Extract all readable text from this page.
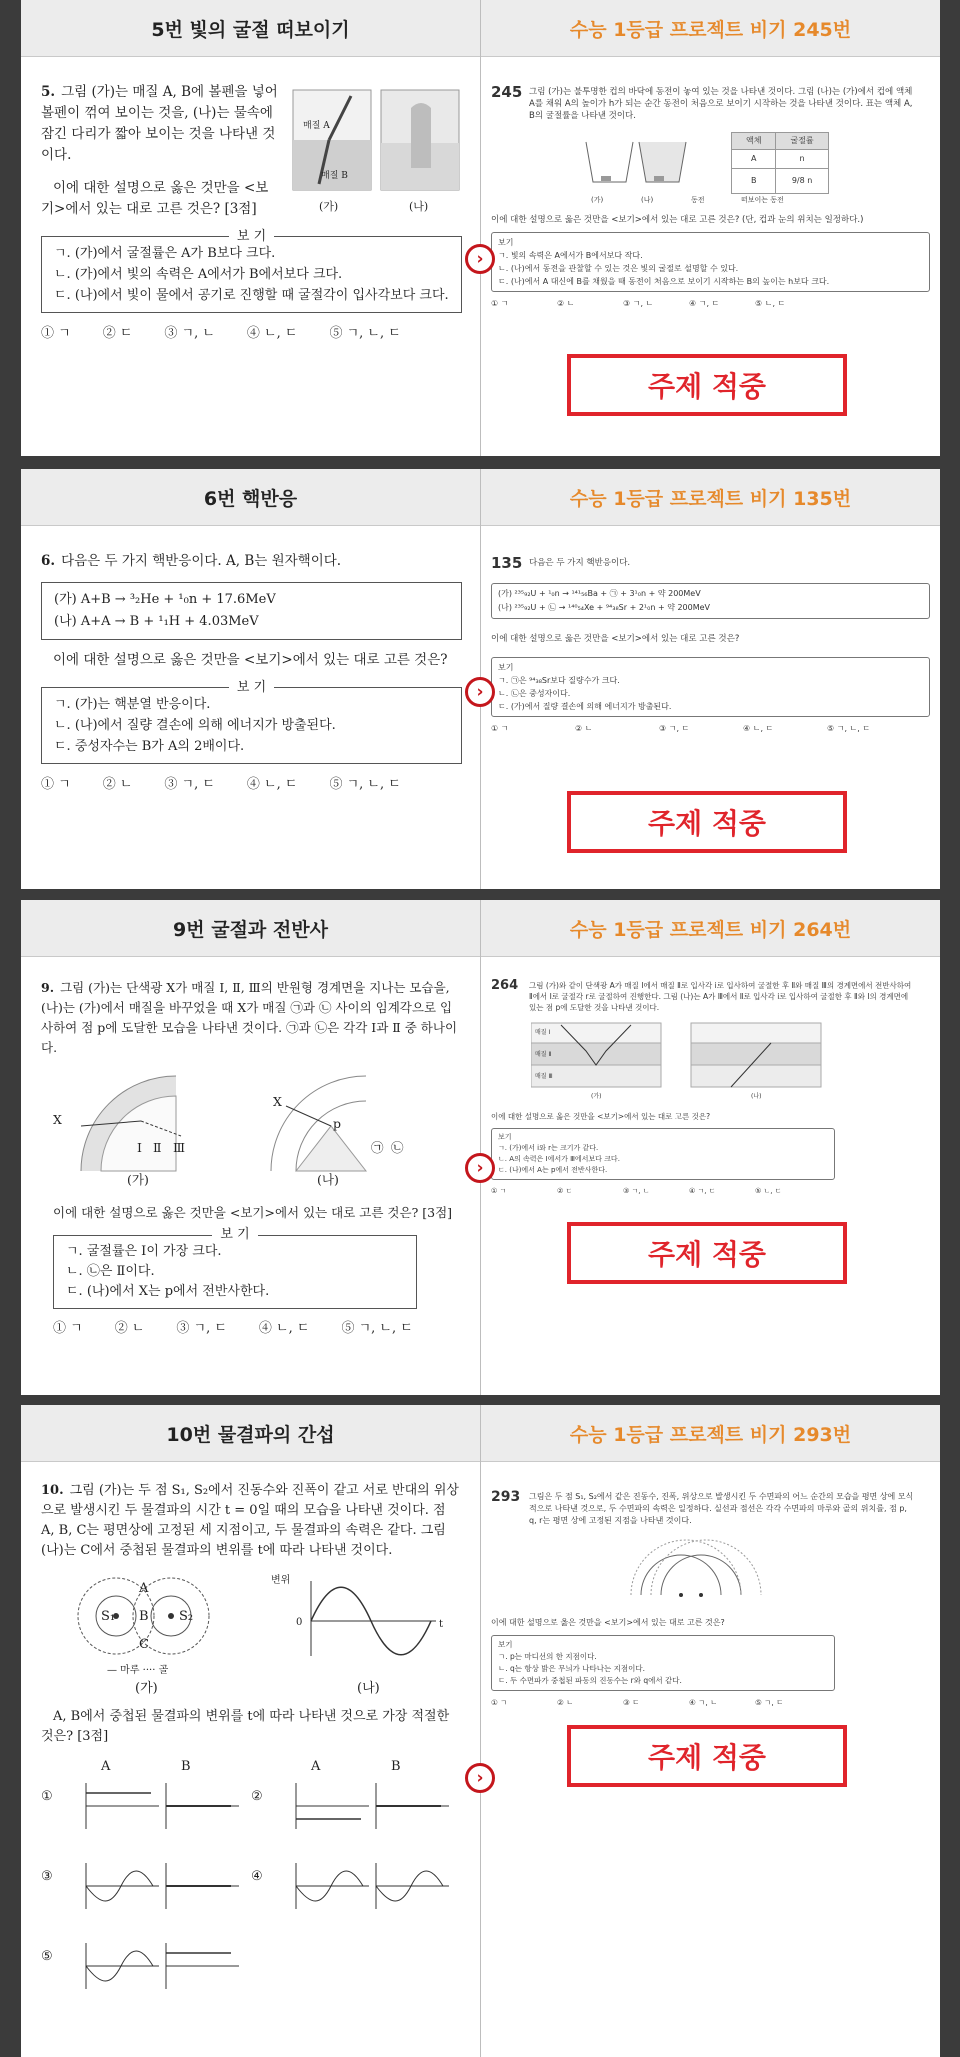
›
5번 빛의 굴절 떠보이기
5. 그림 (가)는 매질 A, B에 볼펜을 넣어 볼펜이 꺾여 보이는 것을, (나)는 물속에 잠긴 다리가 짧아 보이는 것을 나타낸 것이다.
이에 대한 설명으로 옳은 것만을 <보기>에서 있는 대로 고른 것은? [3점]
매질 A
매질 B
(가)	(나)
보 기
ㄱ. (가)에서 굴절률은 A가 B보다 크다.
ㄴ. (가)에서 빛의 속력은 A에서가 B에서보다 크다.
ㄷ. (나)에서 빛이 물에서 공기로 진행할 때 굴절각이 입사각보다 크다.
① ㄱ ② ㄷ ③ ㄱ, ㄴ ④ ㄴ, ㄷ ⑤ ㄱ, ㄴ, ㄷ
수능 1등급 프로젝트 비기 245번
245 그림 (가)는 불투명한 컵의 바닥에 동전이 놓여 있는 것을 나타낸 것이다. 그림 (나)는 (가)에서 컵에 액체 A를 채워 A의 높이가 h가 되는 순간 동전이 처음으로 보이기 시작하는 것을 나타낸 것이다. 표는 액체 A, B의 굴절률을 나타낸 것이다.
액체	굴절률
A	n
B	9/8 n
(가)	(나)	동전	떠보이는 동전
이에 대한 설명으로 옳은 것만을 <보기>에서 있는 대로 고른 것은? (단, 컵과 눈의 위치는 일정하다.)
보기
ㄱ. 빛의 속력은 A에서가 B에서보다 작다.
ㄴ. (나)에서 동전을 관찰할 수 있는 것은 빛의 굴절로 설명할 수 있다.
ㄷ. (나)에서 A 대신에 B를 채웠을 때 동전이 처음으로 보이기 시작하는 B의 높이는 h보다 크다.
① ㄱ	② ㄴ	③ ㄱ, ㄴ	④ ㄱ, ㄷ	⑤ ㄴ, ㄷ
주제 적중
›
6번 핵반응
6. 다음은 두 가지 핵반응이다. A, B는 원자핵이다.
(가) A+B → ³₂He + ¹₀n + 17.6MeV
(나) A+A → B + ¹₁H + 4.03MeV
이에 대한 설명으로 옳은 것만을 <보기>에서 있는 대로 고른 것은?
보 기
ㄱ. (가)는 핵분열 반응이다.
ㄴ. (나)에서 질량 결손에 의해 에너지가 방출된다.
ㄷ. 중성자수는 B가 A의 2배이다.
① ㄱ ② ㄴ ③ ㄱ, ㄷ ④ ㄴ, ㄷ ⑤ ㄱ, ㄴ, ㄷ
수능 1등급 프로젝트 비기 135번
135 다음은 두 가지 핵반응이다.
(가) ²³⁵₉₂U + ¹₀n → ¹⁴¹₅₆Ba + ㉠ + 3¹₀n + 약 200MeV
(나) ²³⁵₉₂U + ㉡ → ¹⁴⁰₅₄Xe + ⁹⁴₃₈Sr + 2¹₀n + 약 200MeV
이에 대한 설명으로 옳은 것만을 <보기>에서 있는 대로 고른 것은?
보기
ㄱ. ㉠은 ⁹⁴₃₈Sr보다 질량수가 크다.
ㄴ. ㉡은 중성자이다.
ㄷ. (가)에서 질량 결손에 의해 에너지가 방출된다.
① ㄱ	② ㄴ	③ ㄱ, ㄷ	④ ㄴ, ㄷ	⑤ ㄱ, ㄴ, ㄷ
주제 적중
›
9번 굴절과 전반사
9. 그림 (가)는 단색광 X가 매질 Ⅰ, Ⅱ, Ⅲ의 반원형 경계면을 지나는 모습을, (나)는 (가)에서 매질을 바꾸었을 때 X가 매질 ㉠과 ㉡ 사이의 임계각으로 입사하여 점 p에 도달한 모습을 나타낸 것이다. ㉠과 ㉡은 각각 Ⅰ과 Ⅱ 중 하나이다.
X
Ⅰ Ⅱ Ⅲ
X
p
㉠ ㉡
(가)	(나)
이에 대한 설명으로 옳은 것만을 <보기>에서 있는 대로 고른 것은? [3점]
보 기
ㄱ. 굴절률은 Ⅰ이 가장 크다.
ㄴ. ㉡은 Ⅱ이다.
ㄷ. (나)에서 X는 p에서 전반사한다.
① ㄱ ② ㄴ ③ ㄱ, ㄷ ④ ㄴ, ㄷ ⑤ ㄱ, ㄴ, ㄷ
수능 1등급 프로젝트 비기 264번
264 그림 (가)와 같이 단색광 A가 매질 Ⅰ에서 매질 Ⅱ로 입사각 i로 입사하여 굴절한 후 Ⅱ와 매질 Ⅲ의 경계면에서 전반사하여 Ⅱ에서 Ⅰ로 굴절각 r로 굴절하여 진행한다. 그림 (나)는 A가 Ⅲ에서 Ⅱ로 입사각 i로 입사하여 굴절한 후 Ⅱ와 Ⅰ의 경계면에 있는 점 p에 도달한 것을 나타낸 것이다.
매질 Ⅰ
매질 Ⅱ
매질 Ⅲ
(가)	(나)
이에 대한 설명으로 옳은 것만을 <보기>에서 있는 대로 고른 것은?
보기
ㄱ. (가)에서 i와 r는 크기가 같다.
ㄴ. A의 속력은 Ⅰ에서가 Ⅲ에서보다 크다.
ㄷ. (나)에서 A는 p에서 전반사한다.
① ㄱ	② ㄷ	③ ㄱ, ㄴ	④ ㄱ, ㄷ	⑤ ㄴ, ㄷ
주제 적중
›
10번 물결파의 간섭
10. 그림 (가)는 두 점 S₁, S₂에서 진동수와 진폭이 같고 서로 반대의 위상으로 발생시킨 두 물결파의 시간 t = 0일 때의 모습을 나타낸 것이다. 점 A, B, C는 평면상에 고정된 세 지점이고, 두 물결파의 속력은 같다. 그림 (나)는 C에서 중첩된 물결파의 변위를 t에 따라 나타낸 것이다.
S₁	S₂
A
B
C
변위
0	t
— 마루 ···· 골
(가)	(나)
A, B에서 중첩된 물결파의 변위를 t에 따라 나타낸 것으로 가장 적절한 것은? [3점]
A	B	A	B
①	②
③	④
⑤
수능 1등급 프로젝트 비기 293번
293 그림은 두 점 S₁, S₂에서 같은 진동수, 진폭, 위상으로 발생시킨 두 수면파의 어느 순간의 모습을 평면 상에 모식적으로 나타낸 것으로, 두 수면파의 속력은 일정하다. 실선과 점선은 각각 수면파의 마루와 골의 위치를, 점 p, q, r는 평면 상에 고정된 지점을 나타낸 것이다.
이에 대한 설명으로 옳은 것만을 <보기>에서 있는 대로 고른 것은?
보기
ㄱ. p는 마디선의 한 지점이다.
ㄴ. q는 항상 밝은 무늬가 나타나는 지점이다.
ㄷ. 두 수면파가 중첩된 파동의 진동수는 r와 q에서 같다.
① ㄱ	② ㄴ	③ ㄷ	④ ㄱ, ㄴ	⑤ ㄱ, ㄷ
주제 적중
